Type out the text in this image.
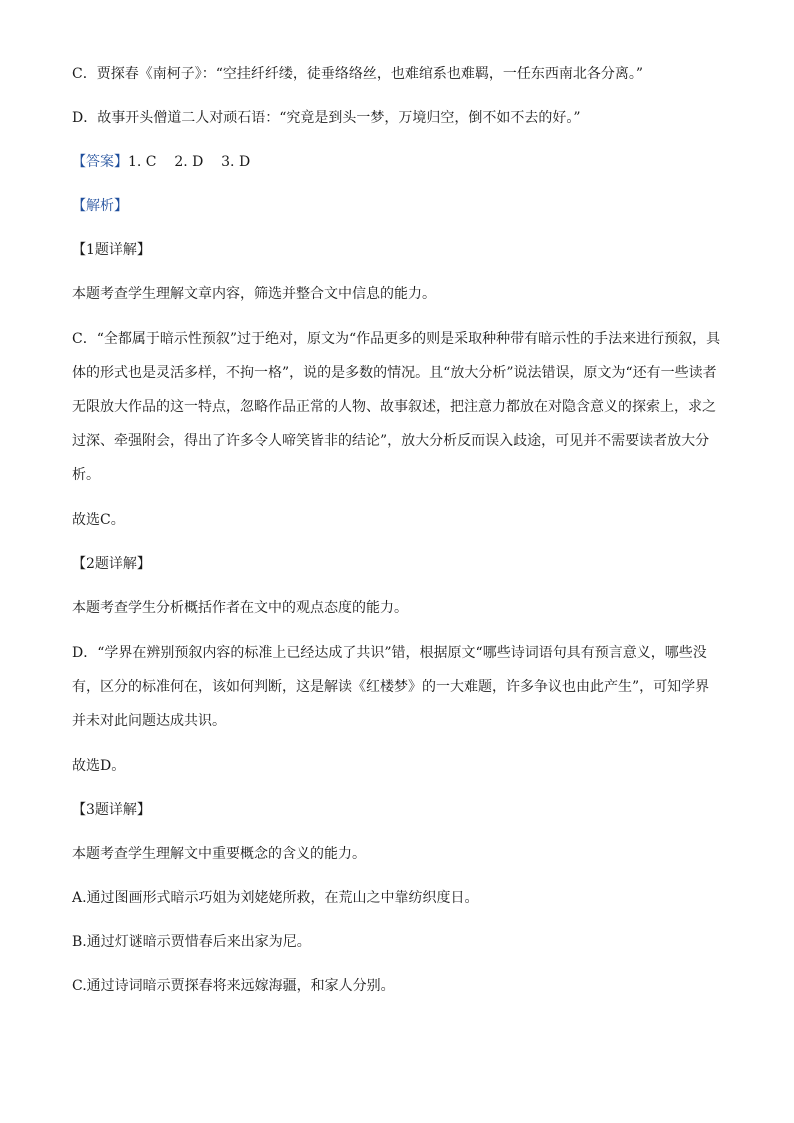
C．贾探春《南柯子》：“空挂纤纤缕，徒垂络络丝，也难绾系也难羁，一任东西南北各分离。”

D．故事开头僧道二人对顽石语：“究竟是到头一梦，万境归空，倒不如不去的好。”

【答案】1. C    2. D    3. D

【解析】

【1题详解】

本题考查学生理解文章内容，筛选并整合文中信息的能力。

C．“全都属于暗示性预叙”过于绝对，原文为“作品更多的则是采取种种带有暗示性的手法来进行预叙，具体的形式也是灵活多样，不拘一格”，说的是多数的情况。且“放大分析”说法错误，原文为“还有一些读者无限放大作品的这一特点，忽略作品正常的人物、故事叙述，把注意力都放在对隐含意义的探索上，求之过深、牵强附会，得出了许多令人啼笑皆非的结论”，放大分析反而误入歧途，可见并不需要读者放大分析。

故选C。

【2题详解】

本题考查学生分析概括作者在文中的观点态度的能力。

D．“学界在辨别预叙内容的标准上已经达成了共识”错，根据原文“哪些诗词语句具有预言意义，哪些没有，区分的标准何在，该如何判断，这是解读《红楼梦》的一大难题，许多争议也由此产生”，可知学界并未对此问题达成共识。

故选D。

【3题详解】

本题考查学生理解文中重要概念的含义的能力。

A.通过图画形式暗示巧姐为刘姥姥所救，在荒山之中靠纺织度日。

B.通过灯谜暗示贾惜春后来出家为尼。

C.通过诗词暗示贾探春将来远嫁海疆，和家人分别。
